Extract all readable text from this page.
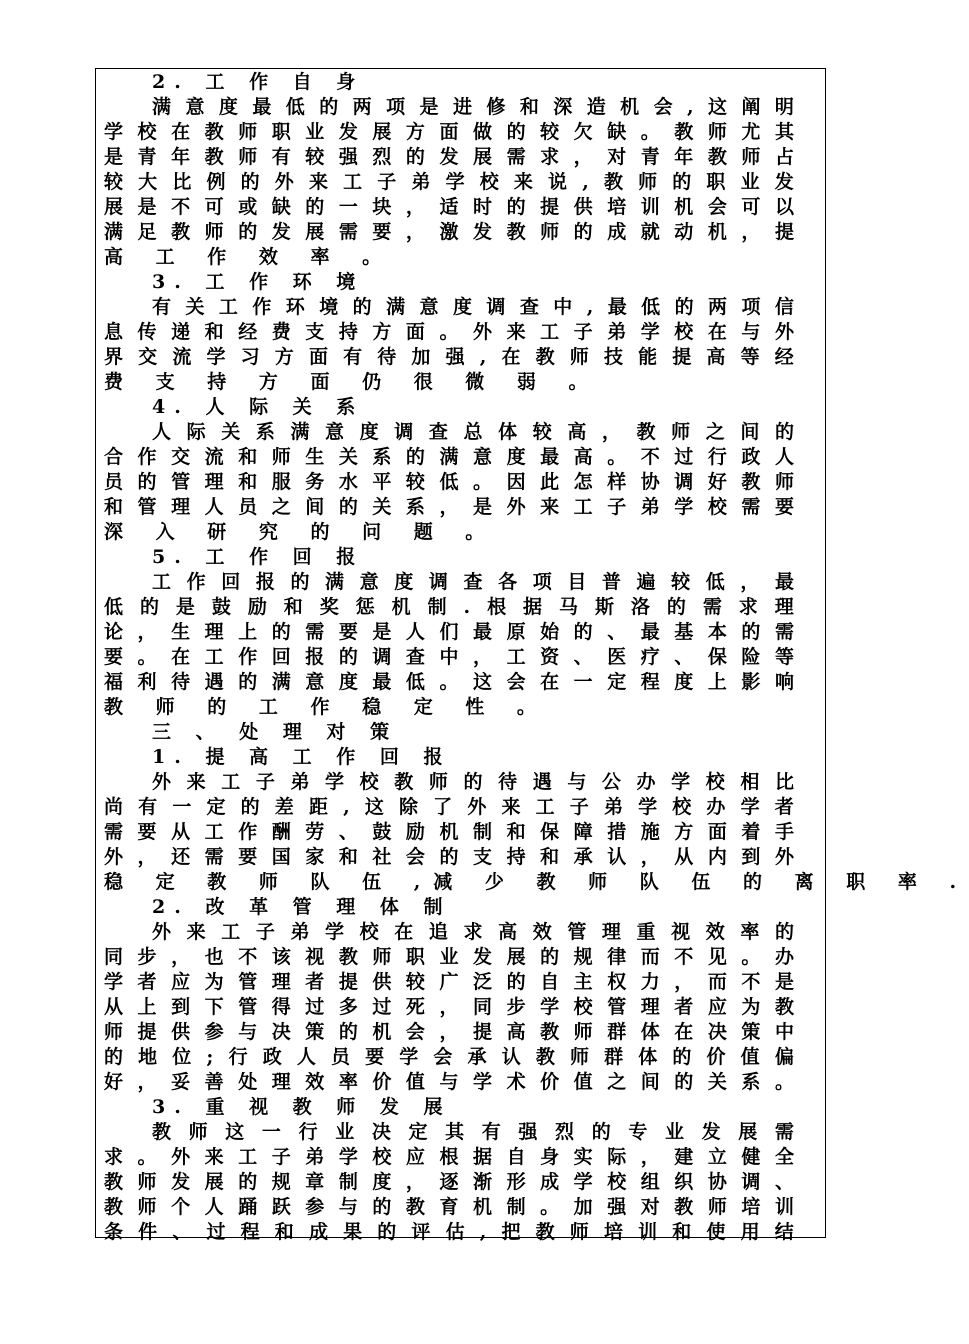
2. 工 作 自 身
满 意 度 最 低 的 两 项 是 进 修 和 深 造 机 会 , 这 阐 明
学 校 在 教 师 职 业 发 展 方 面 做 的 较 欠 缺 。 教 师 尤 其
是 青 年 教 师 有 较 强 烈 的 发 展 需 求 ， 对 青 年 教 师 占
较 大 比 例 的 外 来 工 子 弟 学 校 来 说 , 教 师 的 职 业 发
展 是 不 可 或 缺 的 一 块 ， 适 时 的 提 供 培 训 机 会 可 以
满 足 教 师 的 发 展 需 要 ， 激 发 教 师 的 成 就 动 机 ， 提
高 工 作 效 率 。
3. 工 作 环 境
有 关 工 作 环 境 的 满 意 度 调 查 中 , 最 低 的 两 项 信
息 传 递 和 经 费 支 持 方 面 。 外 来 工 子 弟 学 校 在 与 外
界 交 流 学 习 方 面 有 待 加 强 , 在 教 师 技 能 提 高 等 经
费 支 持 方 面 仍 很 微 弱 。
4. 人 际 关 系
人 际 关 系 满 意 度 调 查 总 体 较 高 ， 教 师 之 间 的
合 作 交 流 和 师 生 关 系 的 满 意 度 最 高 。 不 过 行 政 人
员 的 管 理 和 服 务 水 平 较 低 。 因 此 怎 样 协 调 好 教 师
和 管 理 人 员 之 间 的 关 系 ， 是 外 来 工 子 弟 学 校 需 要
深 入 研 究 的 问 题 。
5. 工 作 回 报
工 作 回 报 的 满 意 度 调 查 各 项 目 普 遍 较 低 ， 最
低 的 是 鼓 励 和 奖 惩 机 制 . 根 据 马 斯 洛 的 需 求 理
论 ， 生 理 上 的 需 要 是 人 们 最 原 始 的 、 最 基 本 的 需
要 。 在 工 作 回 报 的 调 查 中 ， 工 资 、 医 疗 、 保 险 等
福 利 待 遇 的 满 意 度 最 低 。 这 会 在 一 定 程 度 上 影 响
教 师 的 工 作 稳 定 性 。
三 、 处 理 对 策
1. 提 高 工 作 回 报
外 来 工 子 弟 学 校 教 师 的 待 遇 与 公 办 学 校 相 比
尚 有 一 定 的 差 距 , 这 除 了 外 来 工 子 弟 学 校 办 学 者
需 要 从 工 作 酬 劳 、 鼓 励 机 制 和 保 障 措 施 方 面 着 手
外 ， 还 需 要 国 家 和 社 会 的 支 持 和 承 认 ， 从 内 到 外
稳 定 教 师 队 伍 ,减 少 教 师 队 伍 的 离 职 率 .
2. 改 革 管 理 体 制
外 来 工 子 弟 学 校 在 追 求 高 效 管 理 重 视 效 率 的
同 步 ， 也 不 该 视 教 师 职 业 发 展 的 规 律 而 不 见 。 办
学 者 应 为 管 理 者 提 供 较 广 泛 的 自 主 权 力 ， 而 不 是
从 上 到 下 管 得 过 多 过 死 ， 同 步 学 校 管 理 者 应 为 教
师 提 供 参 与 决 策 的 机 会 ， 提 高 教 师 群 体 在 决 策 中
的 地 位 ; 行 政 人 员 要 学 会 承 认 教 师 群 体 的 价 值 偏
好 ， 妥 善 处 理 效 率 价 值 与 学 术 价 值 之 间 的 关 系 。
3. 重 视 教 师 发 展
教 师 这 一 行 业 决 定 其 有 强 烈 的 专 业 发 展 需
求 。 外 来 工 子 弟 学 校 应 根 据 自 身 实 际 ， 建 立 健 全
教 师 发 展 的 规 章 制 度 ， 逐 渐 形 成 学 校 组 织 协 调 、
教 师 个 人 踊 跃 参 与 的 教 育 机 制 。 加 强 对 教 师 培 训
条 件 、 过 程 和 成 果 的 评 估 , 把 教 师 培 训 和 使 用 结
